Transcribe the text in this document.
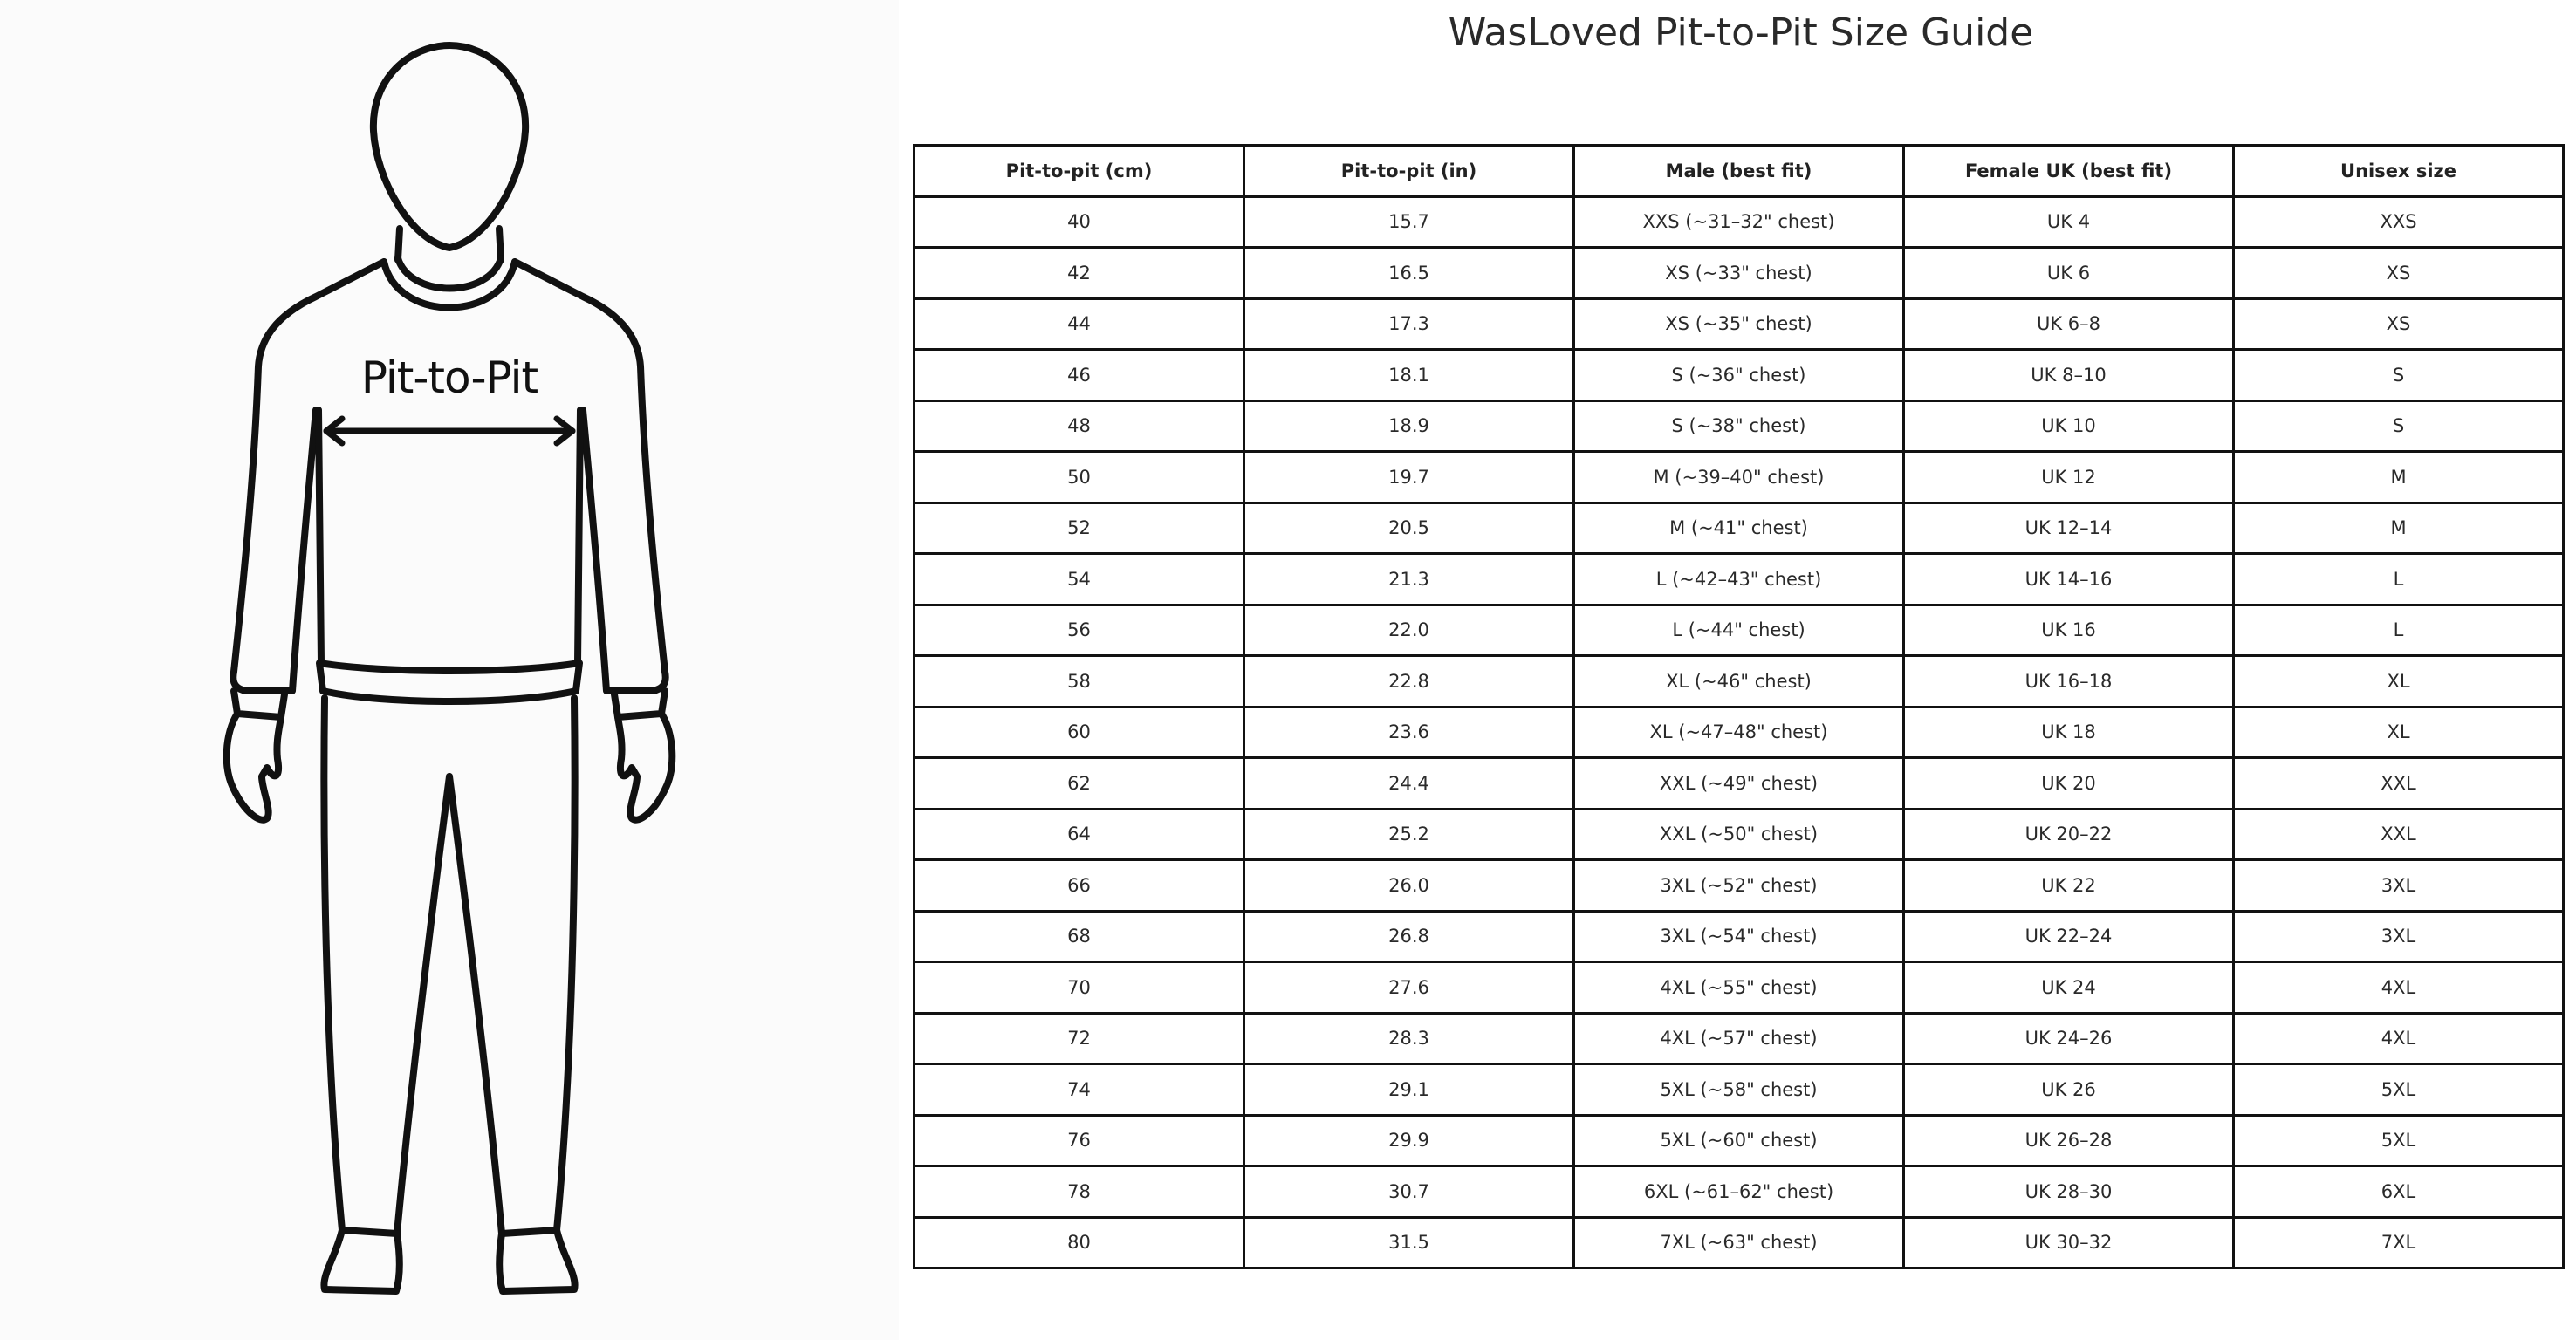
Pit-to-Pit
WasLoved Pit-to-Pit Size Guide
Pit-to-pit (cm)	Pit-to-pit (in)	Male (best fit)	Female UK (best fit)	Unisex size
40	15.7	XXS (~31–32" chest)	UK 4	XXS
42	16.5	XS (~33" chest)	UK 6	XS
44	17.3	XS (~35" chest)	UK 6–8	XS
46	18.1	S (~36" chest)	UK 8–10	S
48	18.9	S (~38" chest)	UK 10	S
50	19.7	M (~39–40" chest)	UK 12	M
52	20.5	M (~41" chest)	UK 12–14	M
54	21.3	L (~42–43" chest)	UK 14–16	L
56	22.0	L (~44" chest)	UK 16	L
58	22.8	XL (~46" chest)	UK 16–18	XL
60	23.6	XL (~47–48" chest)	UK 18	XL
62	24.4	XXL (~49" chest)	UK 20	XXL
64	25.2	XXL (~50" chest)	UK 20–22	XXL
66	26.0	3XL (~52" chest)	UK 22	3XL
68	26.8	3XL (~54" chest)	UK 22–24	3XL
70	27.6	4XL (~55" chest)	UK 24	4XL
72	28.3	4XL (~57" chest)	UK 24–26	4XL
74	29.1	5XL (~58" chest)	UK 26	5XL
76	29.9	5XL (~60" chest)	UK 26–28	5XL
78	30.7	6XL (~61–62" chest)	UK 28–30	6XL
80	31.5	7XL (~63" chest)	UK 30–32	7XL
